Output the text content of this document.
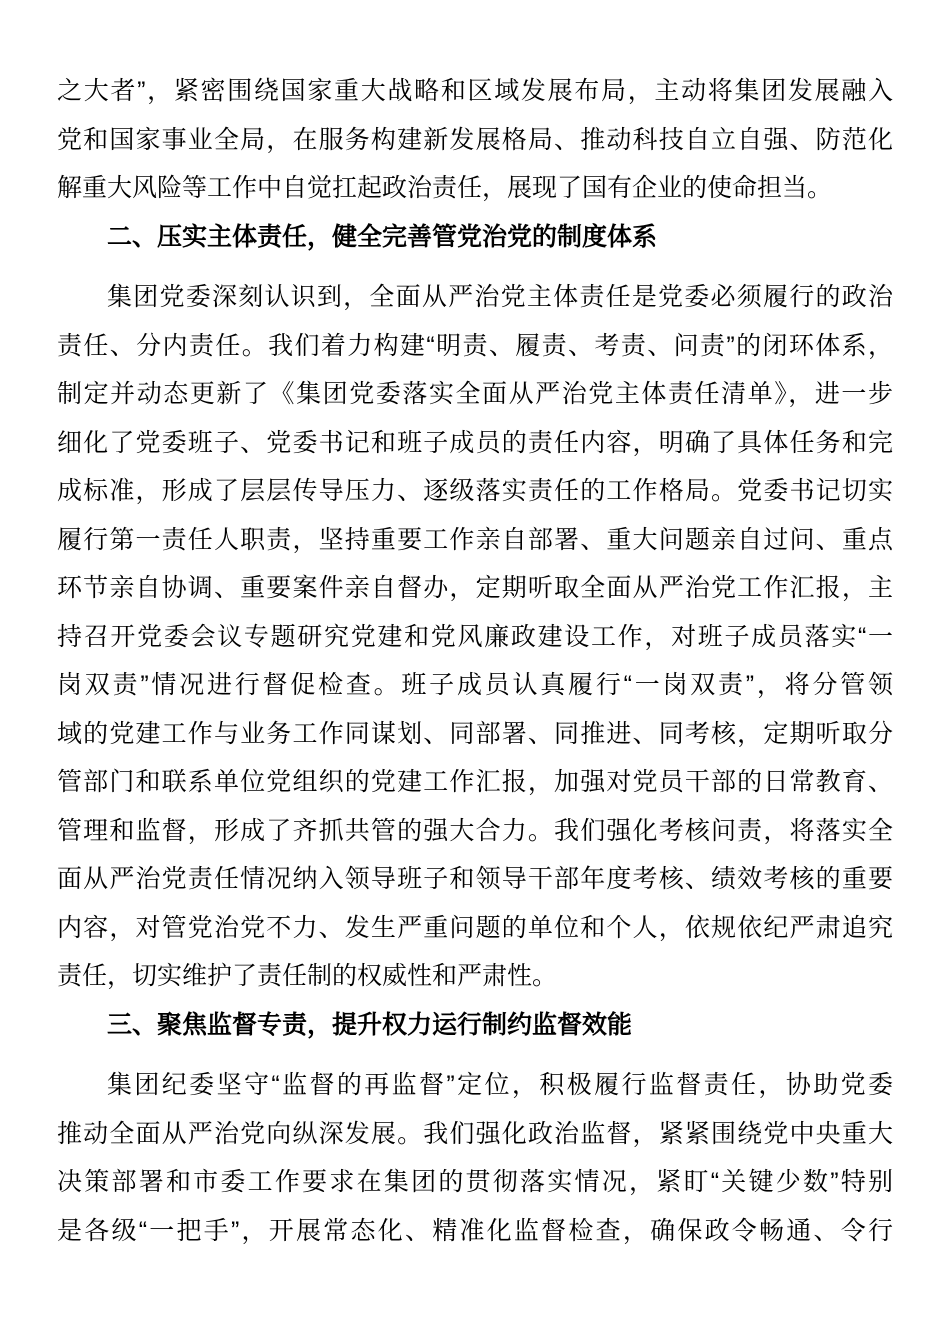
之大者”，紧密围绕国家重大战略和区域发展布局，主动将集团发展融入
党和国家事业全局，在服务构建新发展格局、推动科技自立自强、防范化
解重大风险等工作中自觉扛起政治责任，展现了国有企业的使命担当。
二、压实主体责任，健全完善管党治党的制度体系
集团党委深刻认识到，全面从严治党主体责任是党委必须履行的政治
责任、分内责任。我们着力构建“明责、履责、考责、问责”的闭环体系，
制定并动态更新了《集团党委落实全面从严治党主体责任清单》，进一步
细化了党委班子、党委书记和班子成员的责任内容，明确了具体任务和完
成标准，形成了层层传导压力、逐级落实责任的工作格局。党委书记切实
履行第一责任人职责，坚持重要工作亲自部署、重大问题亲自过问、重点
环节亲自协调、重要案件亲自督办，定期听取全面从严治党工作汇报，主
持召开党委会议专题研究党建和党风廉政建设工作，对班子成员落实“一
岗双责”情况进行督促检查。班子成员认真履行“一岗双责”，将分管领
域的党建工作与业务工作同谋划、同部署、同推进、同考核，定期听取分
管部门和联系单位党组织的党建工作汇报，加强对党员干部的日常教育、
管理和监督，形成了齐抓共管的强大合力。我们强化考核问责，将落实全
面从严治党责任情况纳入领导班子和领导干部年度考核、绩效考核的重要
内容，对管党治党不力、发生严重问题的单位和个人，依规依纪严肃追究
责任，切实维护了责任制的权威性和严肃性。
三、聚焦监督专责，提升权力运行制约监督效能
集团纪委坚守“监督的再监督”定位，积极履行监督责任，协助党委
推动全面从严治党向纵深发展。我们强化政治监督，紧紧围绕党中央重大
决策部署和市委工作要求在集团的贯彻落实情况，紧盯“关键少数”特别
是各级“一把手”，开展常态化、精准化监督检查，确保政令畅通、令行
